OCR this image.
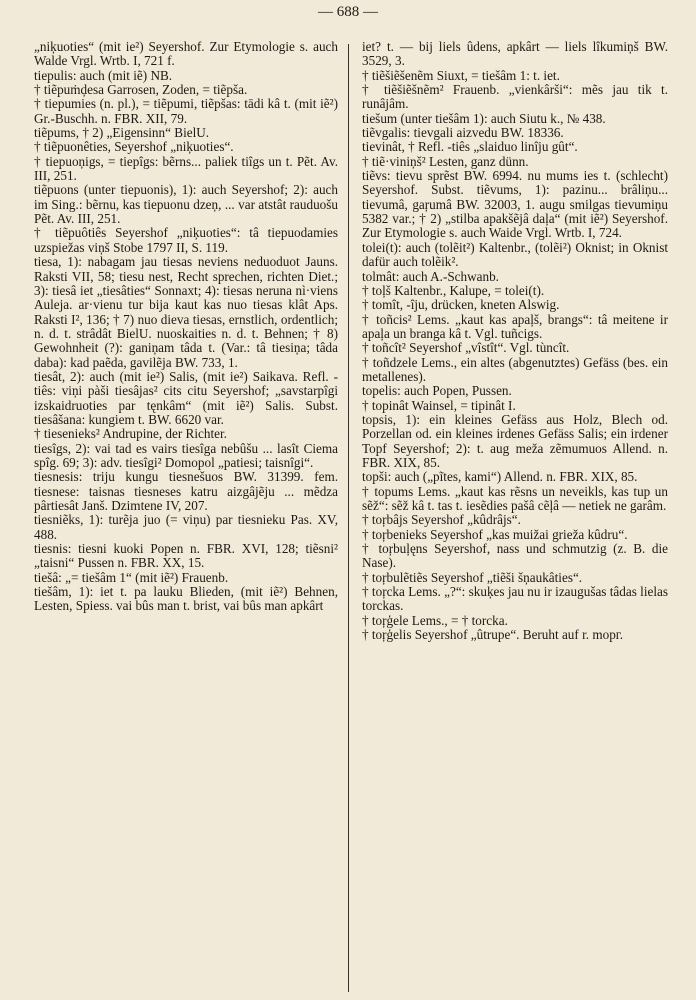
— 688 —

„niķuoties“ (mit ie²) Seyershof. Zur Etymologie s. auch Walde Vrgl. Wrtb. I, 721 f.

tiepulis: auch (mit iẽ) NB.

† tiẽpuṁḑesa Garrosen, Zoden, = tiẽpša.

† tiepumies (n. pl.), = tiẽpumi, tiẽpšas: tādi kâ t. (mit iẽ²) Gr.-Buschh. n. FBR. XII, 79.

tiẽpums, † 2) „Eigensinn“ BielU.

† tiẽpuonêties, Seyershof „niķuoties“.

† tiepuoņigs, = tiepîgs: bẽrns... paliek tiîgs un t. Pẽt. Av. III, 251.

tiẽpuons (unter tiepuonis), 1): auch Seyershof; 2): auch im Sing.: bẽrnu, kas tiepuonu dzeņ, ... var atstât rauduošu Pẽt. Av. III, 251.

† tiẽpuôtiês Seyershof „niķuoties“: tâ tiepuodamies uzspiežas viņš Stobe 1797 II, S. 119.

tiesa, 1): nabagam jau tiesas neviens neduoduot Jauns. Raksti VII, 58; tiesu nest, Recht sprechen, richten Diet.; 3): tiesâ iet „tiesâties“ Sonnaxt; 4): tiesas neruna nì·viens Auleja. ar·vienu tur bija kaut kas nuo tiesas klât Aps. Raksti I², 136; † 7) nuo dieva tiesas, ernstlich, ordentlich; n. d. t. strâdât BielU. nuoskaities n. d. t. Behnen; † 8) Gewohnheit (?): ganiņam tâda t. (Var.: tâ tiesiņa; tâda daba): kad paẽda, gavilẽja BW. 733, 1.

tiesât, 2): auch (mit ie²) Salis, (mit ie²) Saikava. Refl. -tiês: viņi pàši tiesâjas² cits citu Seyershof; „savstarpîgi izskaidruoties par tęnkâm“ (mit iẽ²) Salis. Subst. tiesâšana: kungiem t. BW. 6620 var.

† tiesenieks² Andrupine, der Richter.

tiesîgs, 2): vai tad es vairs tiesîga nebûšu ... lasît Ciema spîg. 69; 3): adv. tiesîgi² Domopol „patiesi; taisnîgi“.

tiesnesis: triju kungu tiesnešuos BW. 31399. fem. tiesnese: taisnas tiesneses katru aizgâjẽju ... mẽdza pârtiesât Janš. Dzimtene IV, 207.

tiesniẽks, 1): turẽja juo (= viņu) par tiesnieku Pas. XV, 488.

tiesnis: tiesni kuoki Popen n. FBR. XVI, 128; tiẽsni² „taisni“ Pussen n. FBR. XX, 15.

tiešâ: „= tiešâm 1“ (mit iẽ²) Frauenb.

tiešâm, 1): iet t. pa lauku Blieden, (mit iẽ²) Behnen, Lesten, Spiess. vai bûs man t. brist, vai bûs man apkârt

iet? t. — bij liels ûdens, apkârt — liels lîkumiņš BW. 3529, 3.

† tiẽšiẽšenẽm Siuxt, = tiešâm 1: t. iet.

† tiẽšiẽšnẽm² Frauenb. „vienkârši“: mẽs jau tik t. runâjâm.

tiešum (unter tiešâm 1): auch Siutu k., № 438.

tiẽvgalis: tievgali aizvedu BW. 18336.

tievinât, † Refl. -tiês „slaiduo linîju gût“.

† tiẽ·viniņš² Lesten, ganz dünn.

tiẽvs: tievu sprẽst BW. 6994. nu mums ies t. (schlecht) Seyershof. Subst. tiẽvums, 1): pazinu... brâliņu... tievumâ, gaŗumâ BW. 32003, 1. augu smilgas tievumiņu 5382 var.; † 2) „stilba apakšẽjâ daļa“ (mit iẽ²) Seyershof. Zur Etymologie s. auch Waide Vrgl. Wrtb. I, 724.

tolei(t): auch (tolẽit²) Kaltenbr., (tolẽi²) Oknist; in Oknist dafür auch tolẽik².

tolmât: auch A.-Schwanb.

† toļš Kaltenbr., Kalupe, = tolei(t).

† tomît, -îju, drücken, kneten Alswig.

† toñcis² Lems. „kaut kas apaļš, brangs“: tâ meitene ir apaļa un branga kâ t. Vgl. tuñcigs.

† toñcît² Seyershof „vîstît“. Vgl. tùncît.

† toñdzele Lems., ein altes (abgenutztes) Gefäss (bes. ein metallenes).

topelis: auch Popen, Pussen.

† topinât Wainsel, = tipinât I.

topsis, 1): ein kleines Gefäss aus Holz, Blech od. Porzellan od. ein kleines irdenes Gefäss Salis; ein irdener Topf Seyershof; 2): t. aug meža zẽmumuos Allend. n. FBR. XIX, 85.

topši: auch („pĩtes, kami“) Allend. n. FBR. XIX, 85.

† topums Lems. „kaut kas rẽsns un neveikls, kas tup un sẽž“: sẽž kâ t. tas t. iesẽdies pašâ cẽļâ — netiek ne garâm.

† toŗbâjs Seyershof „kûdrâjs“.

† toŗbenieks Seyershof „kas muižai grieža kûdru“.

† toŗbuļęns Seyershof, nass und schmutzig (z. B. die Nase).

† toŗbulẽtiẽs Seyershof „tiẽši šņaukâties“.

† toŗcka Lems. „?“: skuķes jau nu ir izaugušas tâdas lielas torckas.

† toŗģele Lems., = † torcka.

† toŗģelis Seyershof „ûtrupe“. Beruht auf r. moрг.
